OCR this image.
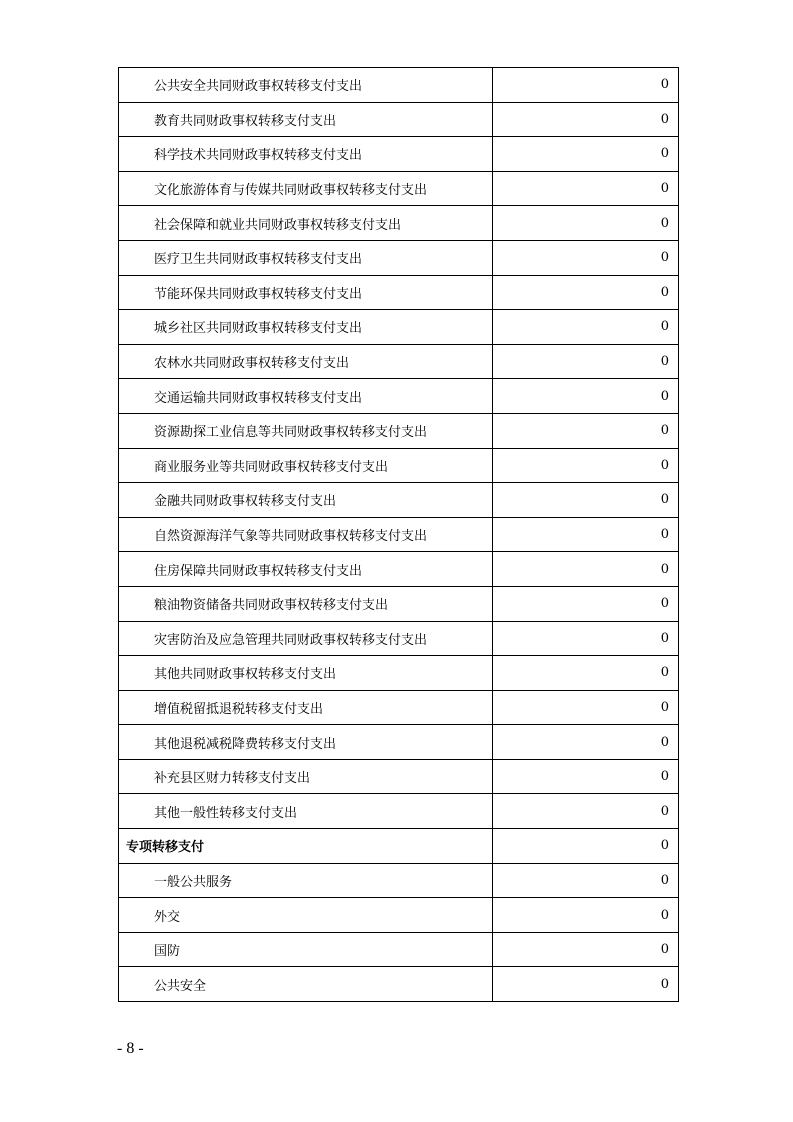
公共安全共同财政事权转移支付支出	0
教育共同财政事权转移支付支出	0
科学技术共同财政事权转移支付支出	0
文化旅游体育与传媒共同财政事权转移支付支出	0
社会保障和就业共同财政事权转移支付支出	0
医疗卫生共同财政事权转移支付支出	0
节能环保共同财政事权转移支付支出	0
城乡社区共同财政事权转移支付支出	0
农林水共同财政事权转移支付支出	0
交通运输共同财政事权转移支付支出	0
资源勘探工业信息等共同财政事权转移支付支出	0
商业服务业等共同财政事权转移支付支出	0
金融共同财政事权转移支付支出	0
自然资源海洋气象等共同财政事权转移支付支出	0
住房保障共同财政事权转移支付支出	0
粮油物资储备共同财政事权转移支付支出	0
灾害防治及应急管理共同财政事权转移支付支出	0
其他共同财政事权转移支付支出	0
增值税留抵退税转移支付支出	0
其他退税减税降费转移支付支出	0
补充县区财力转移支付支出	0
其他一般性转移支付支出	0
专项转移支付	0
一般公共服务	0
外交	0
国防	0
公共安全	0
- 8 -
